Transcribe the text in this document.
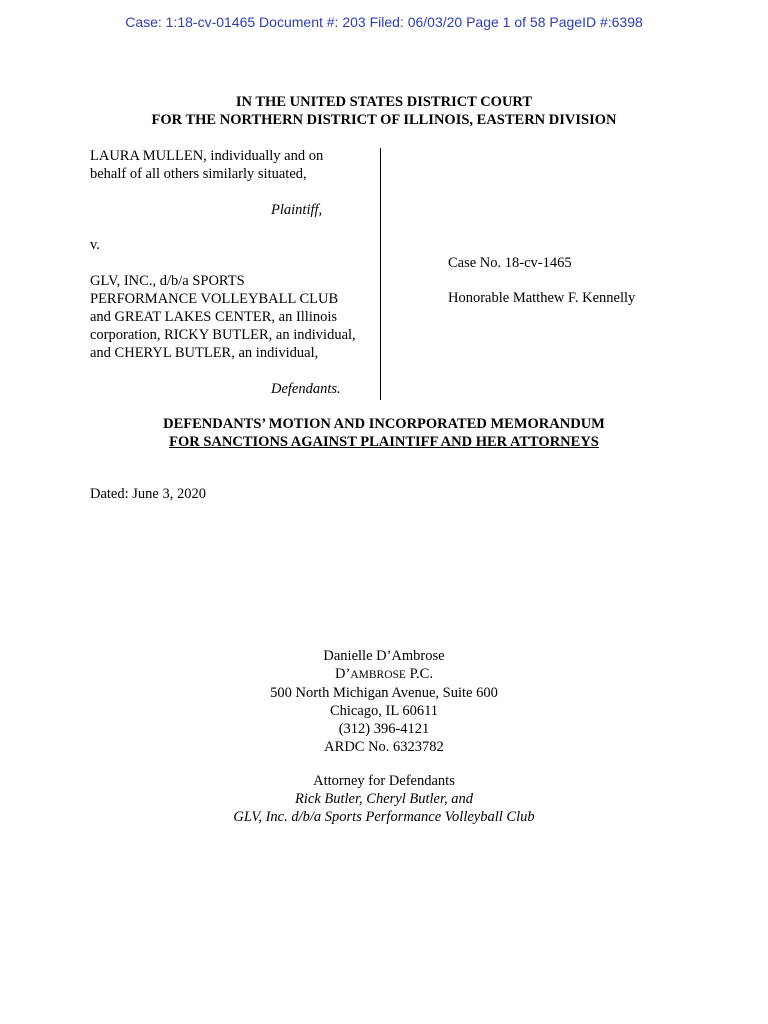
Case: 1:18-cv-01465 Document #: 203 Filed: 06/03/20 Page 1 of 58 PageID #:6398
IN THE UNITED STATES DISTRICT COURT
FOR THE NORTHERN DISTRICT OF ILLINOIS, EASTERN DIVISION
LAURA MULLEN, individually and on
behalf of all others similarly situated,
Plaintiff,
v.
GLV, INC., d/b/a SPORTS
PERFORMANCE VOLLEYBALL CLUB
and GREAT LAKES CENTER, an Illinois
corporation, RICKY BUTLER, an individual,
and CHERYL BUTLER, an individual,
Defendants.
Case No. 18-cv-1465
Honorable Matthew F. Kennelly
DEFENDANTS’ MOTION AND INCORPORATED MEMORANDUM
FOR SANCTIONS AGAINST PLAINTIFF AND HER ATTORNEYS
Dated: June 3, 2020
Danielle D’Ambrose
D’AMBROSE P.C.
500 North Michigan Avenue, Suite 600
Chicago, IL 60611
(312) 396-4121
ARDC No. 6323782
Attorney for Defendants
Rick Butler, Cheryl Butler, and
GLV, Inc. d/b/a Sports Performance Volleyball Club
